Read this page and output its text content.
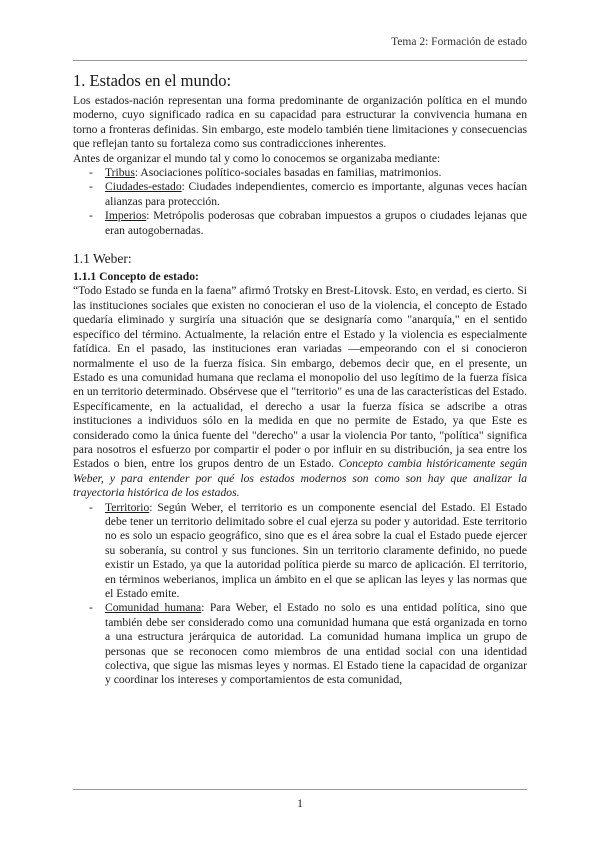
Tema 2: Formación de estado
1. Estados en el mundo:

Los estados-nación representan una forma predominante de organización política en el mundo moderno, cuyo significado radica en su capacidad para estructurar la convivencia humana en torno a fronteras definidas. Sin embargo, este modelo también tiene limitaciones y consecuencias que reflejan tanto su fortaleza como sus contradicciones inherentes.

Antes de organizar el mundo tal y como lo conocemos se organizaba mediante:

- Tribus: Asociaciones político-sociales basadas en familias, matrimonios.
- Ciudades-estado: Ciudades independientes, comercio es importante, algunas veces hacían alianzas para protección.
- Imperios: Metrópolis poderosas que cobraban impuestos a grupos o ciudades lejanas que eran autogobernadas.
1.1 Weber:
1.1.1 Concepto de estado:

“Todo Estado se funda en la faena” afirmó Trotsky en Brest-Litovsk. Esto, en verdad, es cierto. Si las instituciones sociales que existen no conocieran el uso de la violencia, el concepto de Estado quedaría eliminado y surgiría una situación que se designaría como "anarquía," en el sentido específico del término. Actualmente, la relación entre el Estado y la violencia es especialmente fatídica. En el pasado, las instituciones eran variadas —empeorando con el si conocieron normalmente el uso de la fuerza física. Sin embargo, debemos decir que, en el presente, un Estado es una comunidad humana que reclama el monopolio del uso legítimo de la fuerza física en un territorio determinado. Obsérvese que el "territorio" es una de las características del Estado. Específicamente, en la actualidad, el derecho a usar la fuerza física se adscribe a otras instituciones a individuos sólo en la medida en que no permite de Estado, ya que Este es considerado como la única fuente del "derecho" a usar la violencia Por tanto, "política" significa para nosotros el esfuerzo por compartir el poder o por influir en su distribución, ja sea entre los Estados o bien, entre los grupos dentro de un Estado. Concepto cambia históricamente según Weber, y para entender por qué los estados modernos son como son hay que analizar la trayectoria histórica de los estados.

- Territorio: Según Weber, el territorio es un componente esencial del Estado. El Estado debe tener un territorio delimitado sobre el cual ejerza su poder y autoridad. Este territorio no es solo un espacio geográfico, sino que es el área sobre la cual el Estado puede ejercer su soberanía, su control y sus funciones. Sin un territorio claramente definido, no puede existir un Estado, ya que la autoridad política pierde su marco de aplicación. El territorio, en términos weberianos, implica un ámbito en el que se aplican las leyes y las normas que el Estado emite.
- Comunidad humana: Para Weber, el Estado no solo es una entidad política, sino que también debe ser considerado como una comunidad humana que está organizada en torno a una estructura jerárquica de autoridad. La comunidad humana implica un grupo de personas que se reconocen como miembros de una entidad social con una identidad colectiva, que sigue las mismas leyes y normas. El Estado tiene la capacidad de organizar y coordinar los intereses y comportamientos de esta comunidad,
1
